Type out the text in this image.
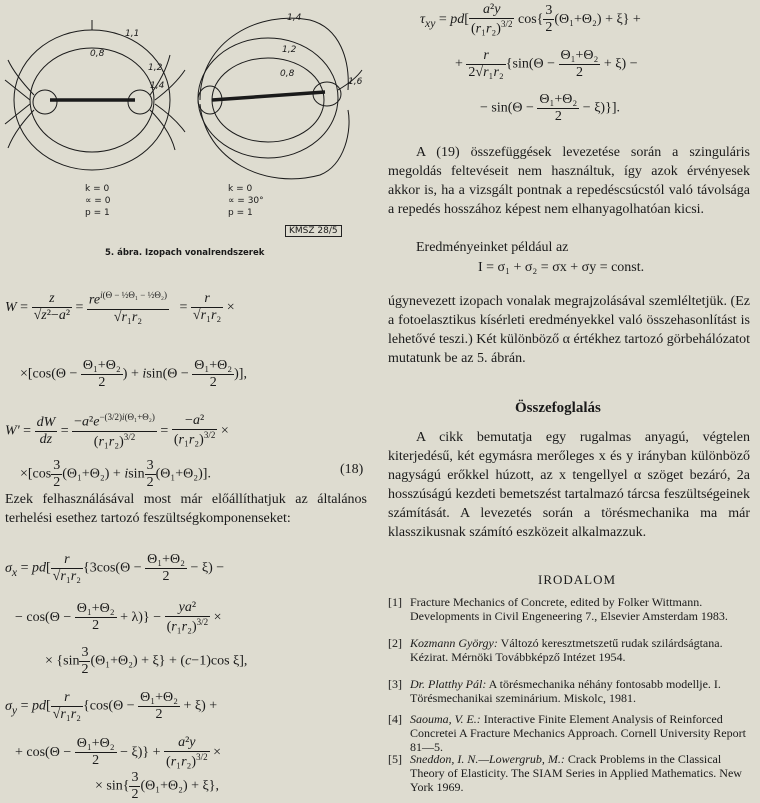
0,8
1,1
1,2
1,4
1,4
1,2
0,8
1,6
k = 0
∝ = 0
p = 1
k = 0
∝ = 30°
p = 1
KMSZ 28/5
5. ábra. Izopach vonalrendszerek
$W = \frac{z}{\text{√z²−a²}} = \frac{re^{i(\Theta - \frac{1}{2}\Theta_1 - \frac{1}{2}\Theta_2)}}{\text{√r₁r₂}} = \frac{r}{\text{√r₁r₂}}$ ×
$\times[\cos(\Theta - \frac{\text{Θ₁+Θ₂}}{2}$ ) + $isin(\Theta - \frac{\text{Θ₁+Θ₂}}{2}$ )],
$W' = \frac{dW}{dz} = \frac{-a^2e^{-(3/2)i(\Theta_1+\Theta_2)}}{(r_1r_2)^{3/2}} = \frac{\text{−a²}}{(r_1r_2)^{3/2}}$ ×
$\times[\cos \frac{3}{2} (\Theta_1+\Theta_2) + isin \frac{3}{2} (\Theta_1+\Theta_2)]$.	(18)
Ezek felhasználásával most már előállíthatjuk az általános terhelési esethez tartozó feszültségkomponenseket:
$\sigma_x = pd[ \frac{r}{\text{√r₁r₂}} \{3\cos(\Theta - \frac{\text{Θ₁+Θ₂}}{2} - \xi)$ −
− $\cos(\Theta - \frac{\text{Θ₁+Θ₂}}{2} + \lambda)\} - \frac{\text{ya²}}{(r_1r_2)^{3/2}}$ ×
× $\{\sin \frac{3}{2} (\Theta_1+\Theta_2) + \xi\} + (c-1)\cos$ ξ],
$\sigma_y = pd[ \frac{r}{\text{√r₁r₂}} \{\cos(\Theta - \frac{\text{Θ₁+Θ₂}}{2} + \xi)$ +
+ $\cos(\Theta - \frac{\text{Θ₁+Θ₂}}{2} - \xi)\} + \frac{\text{a²y}}{(r_1r_2)^{3/2}}$ ×
× $\sin\{ \frac{3}{2} (\Theta_1+\Theta_2) + \xi\}$,
$\tau_{xy} = pd[ \frac{\text{a²y}}{(r_1r_2)^{3/2}} \cos\{ \frac{3}{2} (\Theta_1+\Theta_2) + \xi\}$ +
+ $\frac{r}{\text{2√r₁r₂}} \{\sin(\Theta - \frac{\text{Θ₁+Θ₂}}{2} + \xi)$ −
− $\sin(\Theta - \frac{\text{Θ₁+Θ₂}}{2} - \xi)$}].
A (19) összefüggések levezetése során a szinguláris megoldás feltevéseit nem használtuk, így azok érvényesek akkor is, ha a vizsgált pontnak a repedéscsúcstól való távolsága a repedés hosszához képest nem elhanyagolhatóan kicsi.
Eredményeinket például az
I = σ₁ + σ₂ = σx + σy = const.
úgynevezett izopach vonalak megrajzolásával szemléltetjük. (Ez a fotoelasztikus kísérleti eredményekkel való összehasonlítást is lehetővé teszi.) Két különböző α értékhez tartozó görbehálózatot mutatunk be az 5. ábrán.
Összefoglalás
A cikk bemutatja egy rugalmas anyagú, végtelen kiterjedésű, két egymásra merőleges x és y irányban különböző nagyságú erőkkel húzott, az x tengellyel α szöget bezáró, 2a hosszúságú kezdeti bemetszést tartalmazó tárcsa feszültségeinek számítását. A levezetés során a törésmechanika ma már klasszikusnak számító eszközeit alkalmazzuk.
IRODALOM
[1] Fracture Mechanics of Concrete, edited by Folker Wittmann. Developments in Civil Engeneering 7., Elsevier Amsterdam 1983.
[2] Kozmann György: Változó keresztmetszetű rudak szilárdságtana. Kézirat. Mérnöki Továbbképző Intézet 1954.
[3] Dr. Platthy Pál: A törésmechanika néhány fontosabb modellje. I. Törésmechanikai szeminárium. Miskolc, 1981.
[4] Saouma, V. E.: Interactive Finite Element Analysis of Reinforced Concretei A Fracture Mechanics Approach. Cornell University Report 81—5.
[5] Sneddon, I. N.—Lowergrub, M.: Crack Problems in the Classical Theory of Elasticity. The SIAM Series in Applied Mathematics. New York 1969.
